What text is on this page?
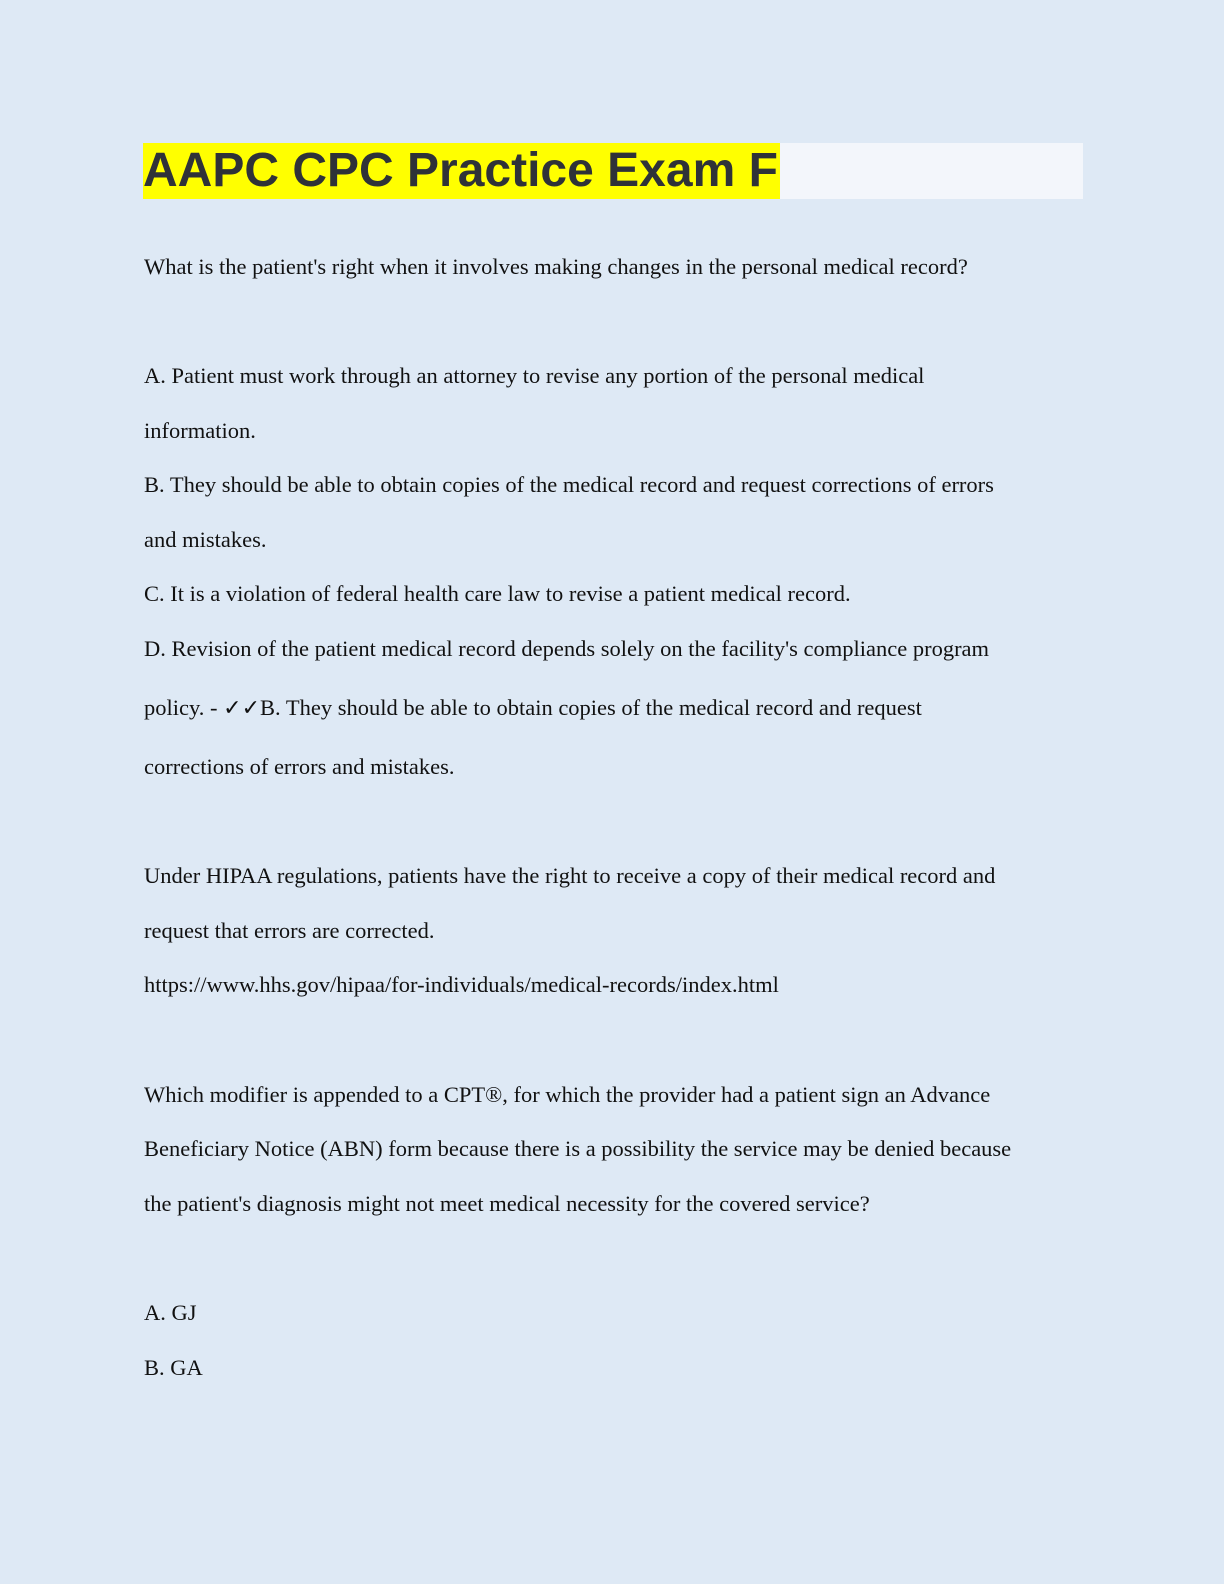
AAPC CPC Practice Exam F

What is the patient's right when it involves making changes in the personal medical record?

A. Patient must work through an attorney to revise any portion of the personal medical

information.

B. They should be able to obtain copies of the medical record and request corrections of errors

and mistakes.

C. It is a violation of federal health care law to revise a patient medical record.

D. Revision of the patient medical record depends solely on the facility's compliance program

policy. - ✓✓B. They should be able to obtain copies of the medical record and request

corrections of errors and mistakes.

Under HIPAA regulations, patients have the right to receive a copy of their medical record and

request that errors are corrected.

https://www.hhs.gov/hipaa/for-individuals/medical-records/index.html

Which modifier is appended to a CPT®, for which the provider had a patient sign an Advance

Beneficiary Notice (ABN) form because there is a possibility the service may be denied because

the patient's diagnosis might not meet medical necessity for the covered service?

A. GJ

B. GA
